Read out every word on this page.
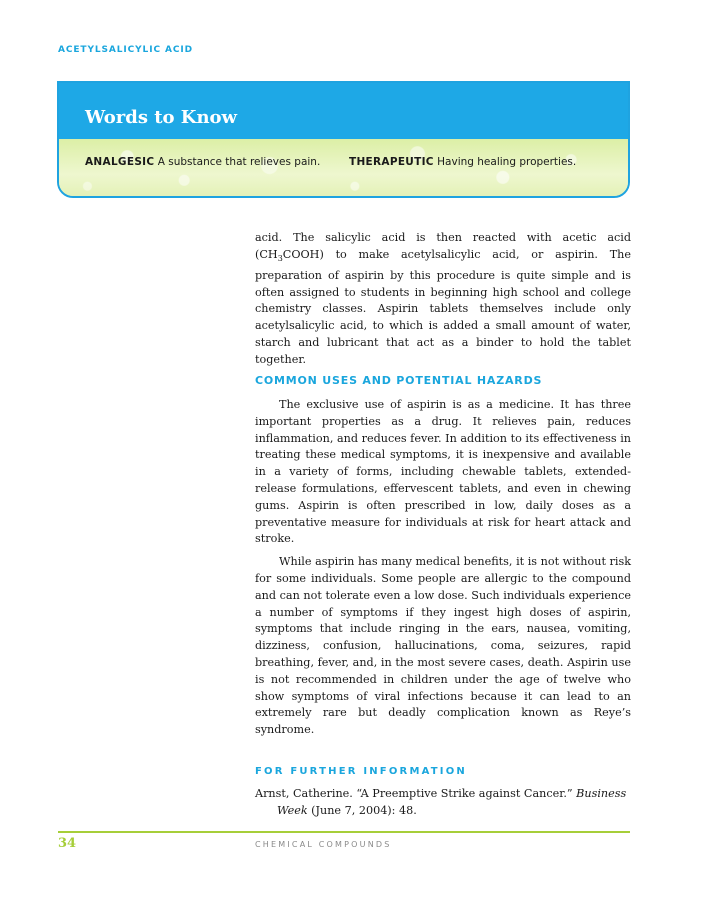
ACETYLSALICYLIC ACID
Words to Know
ANALGESIC A substance that relieves pain.	THERAPEUTIC Having healing properties.

acid. The salicylic acid is then reacted with acetic acid $(CH_3COOH)$ to make acetylsalicylic acid, or aspirin. The preparation of aspirin by this procedure is quite simple and is often assigned to students in beginning high school and college chemistry classes. Aspirin tablets themselves include only acetylsalicylic acid, to which is added a small amount of water, starch and lubricant that act as a binder to hold the tablet together.

COMMON USES AND POTENTIAL HAZARDS

The exclusive use of aspirin is as a medicine. It has three important properties as a drug. It relieves pain, reduces inflammation, and reduces fever. In addition to its effectiveness in treating these medical symptoms, it is inexpensive and available in a variety of forms, including chewable tablets, extended-release formulations, effervescent tablets, and even in chewing gums. Aspirin is often prescribed in low, daily doses as a preventative measure for individuals at risk for heart attack and stroke.

While aspirin has many medical benefits, it is not without risk for some individuals. Some people are allergic to the compound and can not tolerate even a low dose. Such individuals experience a number of symptoms if they ingest high doses of aspirin, symptoms that include ringing in the ears, nausea, vomiting, dizziness, confusion, hallucinations, coma, seizures, rapid breathing, fever, and, in the most severe cases, death. Aspirin use is not recommended in children under the age of twelve who show symptoms of viral infections because it can lead to an extremely rare but deadly complication known as Reye’s syndrome.

FOR FURTHER INFORMATION
Arnst, Catherine. “A Preemptive Strike against Cancer.” Business
Week (June 7, 2004): 48.
34	CHEMICAL COMPOUNDS
